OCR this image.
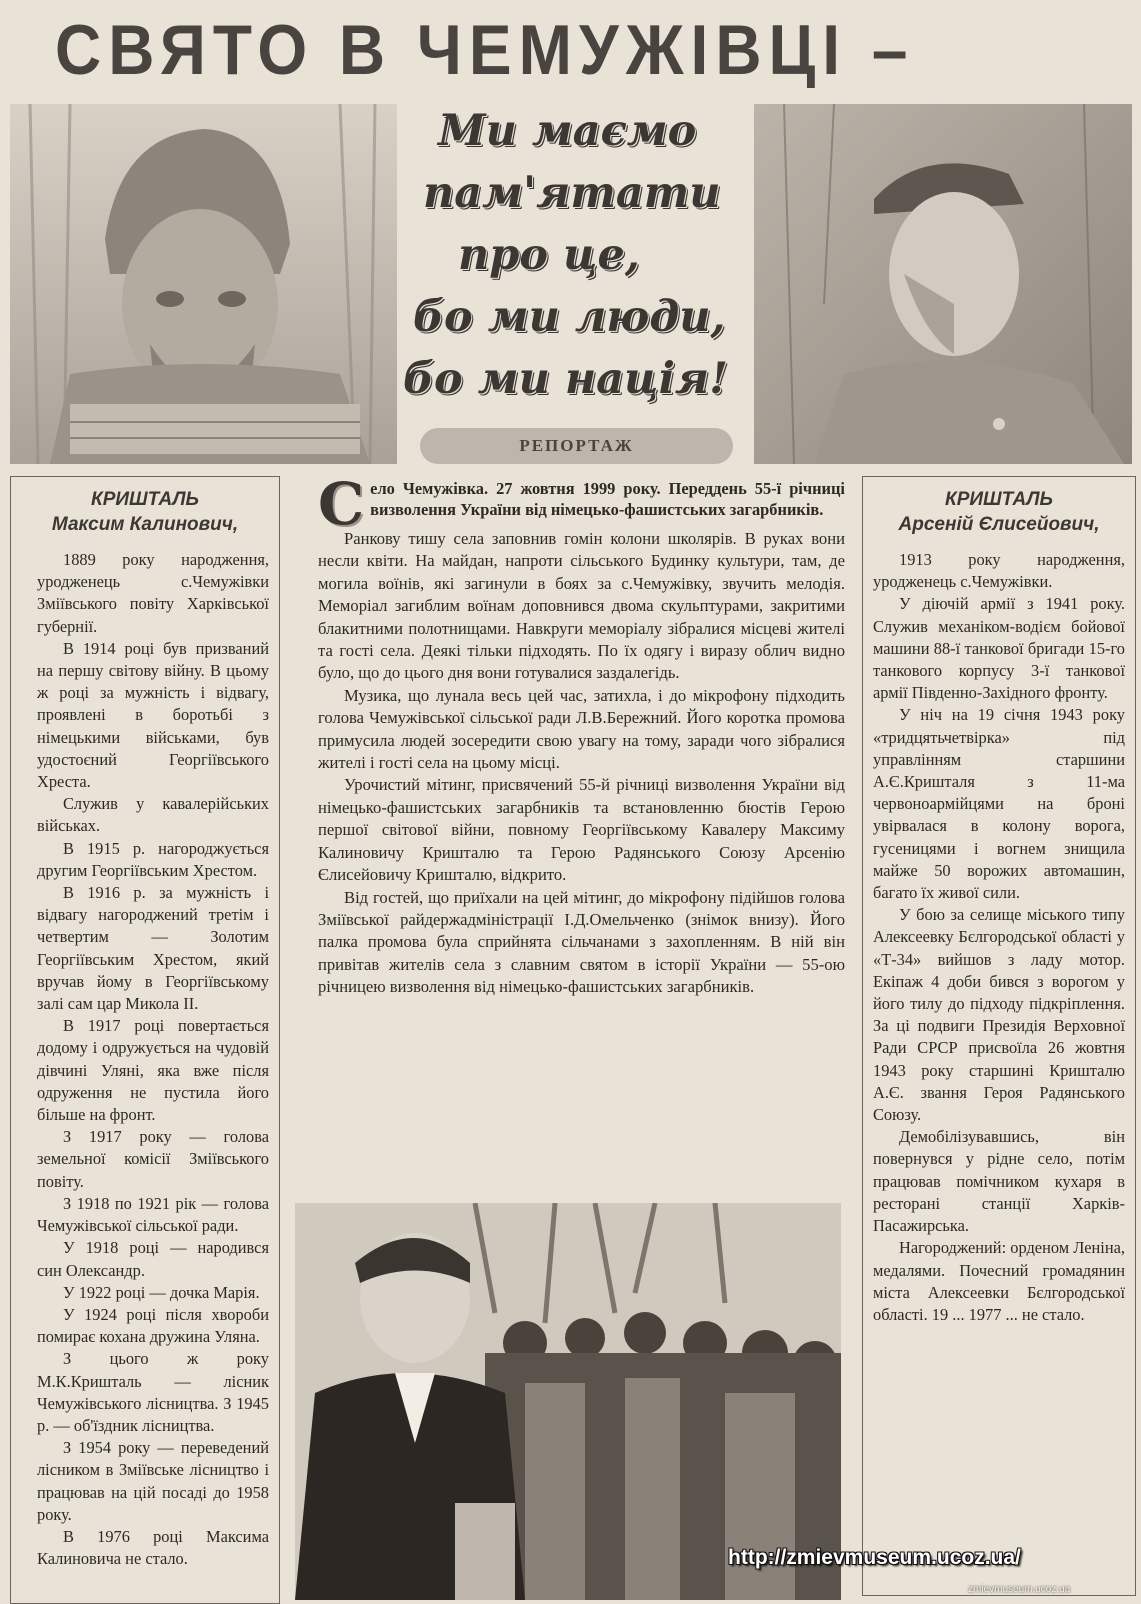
СВЯТО В ЧЕМУЖІВЦІ –
Ми маємо
пам'ятати
про це,
бо ми люди,
бо ми нація!
РЕПОРТАЖ
КРИШТАЛЬ
Максим Калинович,

1889 року народження, уродженець с.Чемужівки Зміївського повіту Харківської губернії.

В 1914 році був призваний на першу світову війну. В цьому ж році за мужність і відвагу, проявлені в боротьбі з німецькими військами, був удостоєний Георгіївського Хреста.

Служив у кавалерійських військах.

В 1915 р. нагороджується другим Георгіївським Хрестом.

В 1916 р. за мужність і відвагу нагороджений третім і четвертим — Золотим Георгіївським Хрестом, який вручав йому в Георгіївському залі сам цар Микола ІІ.

В 1917 році повертається додому і одружується на чудовій дівчині Уляні, яка вже після одруження не пустила його більше на фронт.

З 1917 року — голова земельної комісії Зміївського повіту.

З 1918 по 1921 рік — голова Чемужівської сільської ради.

У 1918 році — народився син Олександр.

У 1922 році — дочка Марія.

У 1924 році після хвороби помирає кохана дружина Уляна.

З цього ж року М.К.Кришталь — лісник Чемужівського лісництва. З 1945 р. — об'їздник лісництва.

З 1954 року — переведений лісником в Зміївське лісництво і працював на цій посаді до 1958 року.

В 1976 році Максима Калиновича не стало.

Село Чемужівка. 27 жовтня 1999 року. Переддень 55-ї річниці визволення України від німецько-фашистських загарбників.

Ранкову тишу села заповнив гомін колони школярів. В руках вони несли квіти. На майдан, напроти сільського Будинку культури, там, де могила воїнів, які загинули в боях за с.Чемужівку, звучить мелодія. Меморіал загиблим воїнам доповнився двома скульптурами, закритими блакитними полотнищами. Навкруги меморіалу зібралися місцеві жителі та гості села. Деякі тільки підходять. По їх одягу і виразу облич видно було, що до цього дня вони готувалися заздалегідь.

Музика, що лунала весь цей час, затихла, і до мікрофону підходить голова Чемужівської сільської ради Л.В.Бережний. Його коротка промова примусила людей зосередити свою увагу на тому, заради чого зібралися жителі і гості села на цьому місці.

Урочистий мітинг, присвячений 55-й річниці визволення України від німецько-фашистських загарбників та встановленню бюстів Герою першої світової війни, повному Георгіївському Кавалеру Максиму Калиновичу Кришталю та Герою Радянського Союзу Арсенію Єлисейовичу Кришталю, відкрито.

Від гостей, що приїхали на цей мітинг, до мікрофону підійшов голова Зміївської райдержадміністрації І.Д.Омельченко (знімок внизу). Його палка промова була сприйнята сільчанами з захопленням. В ній він привітав жителів села з славним святом в історії України — 55-ою річницею визволення від німецько-фашистських загарбників.

КРИШТАЛЬ
Арсеній Єлисейович,

1913 року народження, уродженець с.Чемужівки.

У діючій армії з 1941 року. Служив механіком-водієм бойової машини 88-ї танкової бригади 15-го танкового корпусу 3-ї танкової армії Південно-Західного фронту.

У ніч на 19 січня 1943 року «тридцятьчетвірка» під управлінням старшини А.Є.Кришталя з 11-ма червоноармійцями на броні увірвалася в колону ворога, гусеницями і вогнем знищила майже 50 ворожих автомашин, багато їх живої сили.

У бою за селище міського типу Алексеевку Бєлгородської області у «Т-34» вийшов з ладу мотор. Екіпаж 4 доби бився з ворогом у його тилу до підходу підкріплення. За ці подвиги Президія Верховної Ради СРСР присвоїла 26 жовтня 1943 року старшині Кришталю А.Є. звання Героя Радянського Союзу.

Демобілізувавшись, він повернувся у рідне село, потім працював помічником кухаря в ресторані станції Харків-Пасажирська.

Нагороджений: орденом Леніна, медалями. Почесний громадянин міста Алексеевки Бєлгородської області. 19 ... 1977 ... не стало.

http://zmievmuseum.ucoz.ua/
zmievmuseum.ucoz.ua
